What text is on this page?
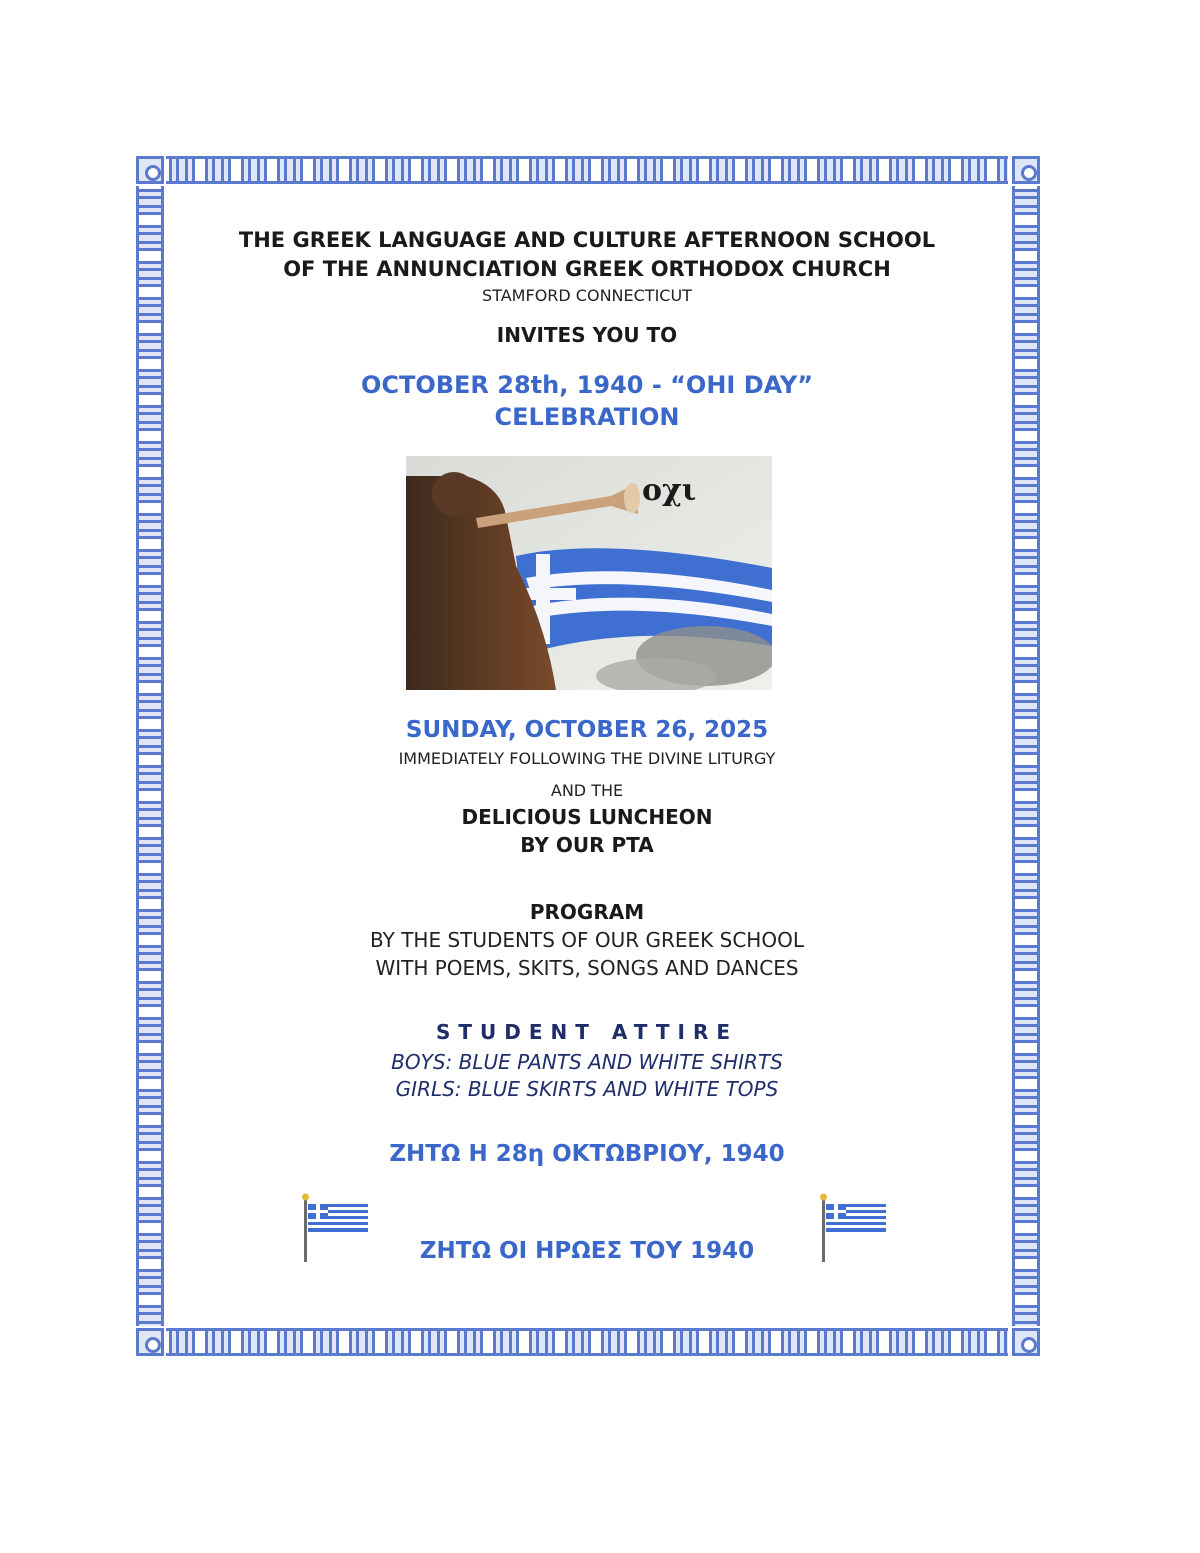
THE GREEK LANGUAGE AND CULTURE AFTERNOON SCHOOL
OF THE ANNUNCIATION GREEK ORTHODOX CHURCH
STAMFORD CONNECTICUT
INVITES YOU TO
OCTOBER 28th, 1940 - “OHI DAY”
CELEBRATION
οχι
SUNDAY, OCTOBER 26, 2025
IMMEDIATELY FOLLOWING THE DIVINE LITURGY
AND THE
DELICIOUS LUNCHEON
BY OUR PTA
PROGRAM
BY THE STUDENTS OF OUR GREEK SCHOOL
WITH POEMS, SKITS, SONGS AND DANCES
STUDENT ATTIRE
BOYS: BLUE PANTS AND WHITE SHIRTS
GIRLS: BLUE SKIRTS AND WHITE TOPS
ΖΗΤΩ Η 28η ΟΚΤΩΒΡΙΟΥ, 1940
ΖΗΤΩ ΟΙ ΗΡΩΕΣ ΤΟΥ 1940
